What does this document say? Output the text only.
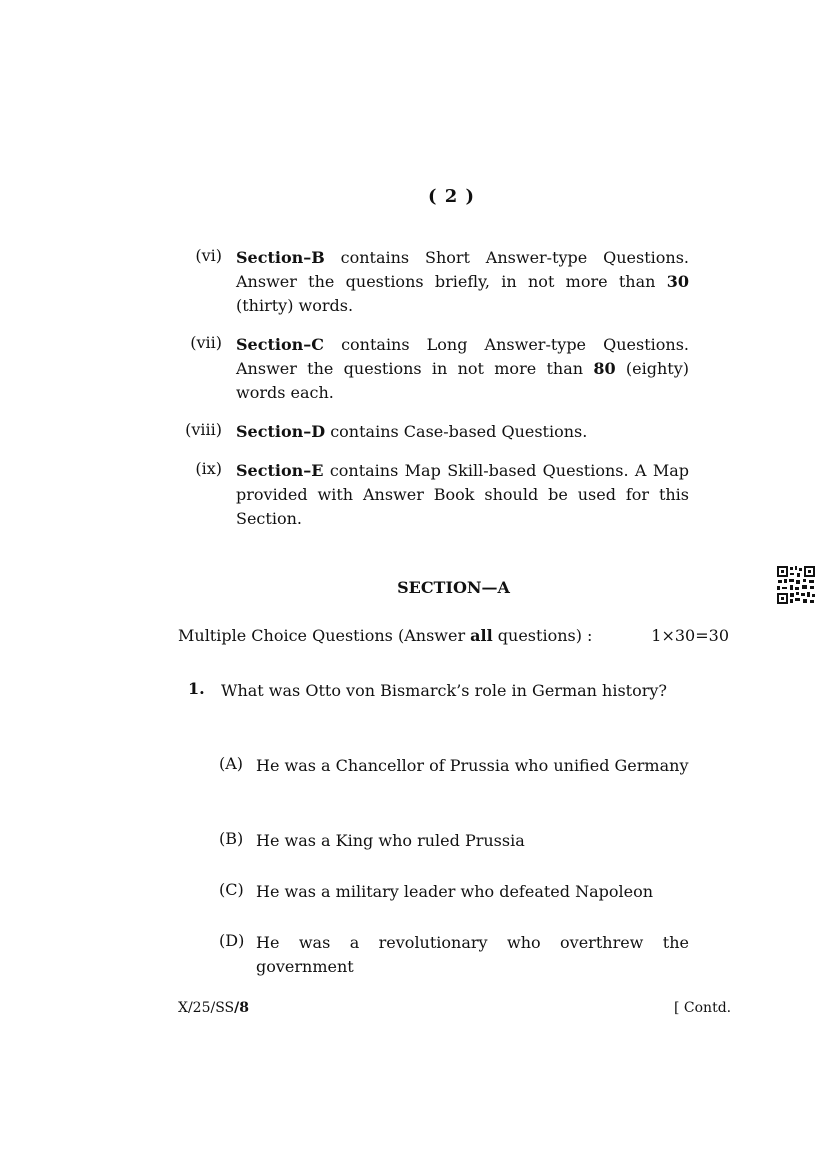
( 2 )
(vi) Section–B contains Short Answer-type Questions. Answer the questions briefly, in not more than 30 (thirty) words.
(vii) Section–C contains Long Answer-type Questions. Answer the questions in not more than 80 (eighty) words each.
(viii) Section–D contains Case-based Questions.
(ix) Section–E contains Map Skill-based Questions. A Map provided with Answer Book should be used for this Section.
SECTION—A
Multiple Choice Questions (Answer all questions) :	1×30=30
1. What was Otto von Bismarck’s role in German history?
(A) He was a Chancellor of Prussia who unified Germany
(B) He was a King who ruled Prussia
(C) He was a military leader who defeated Napoleon
(D) He was a revolutionary who overthrew the government
X/25/SS/8	[ Contd.
